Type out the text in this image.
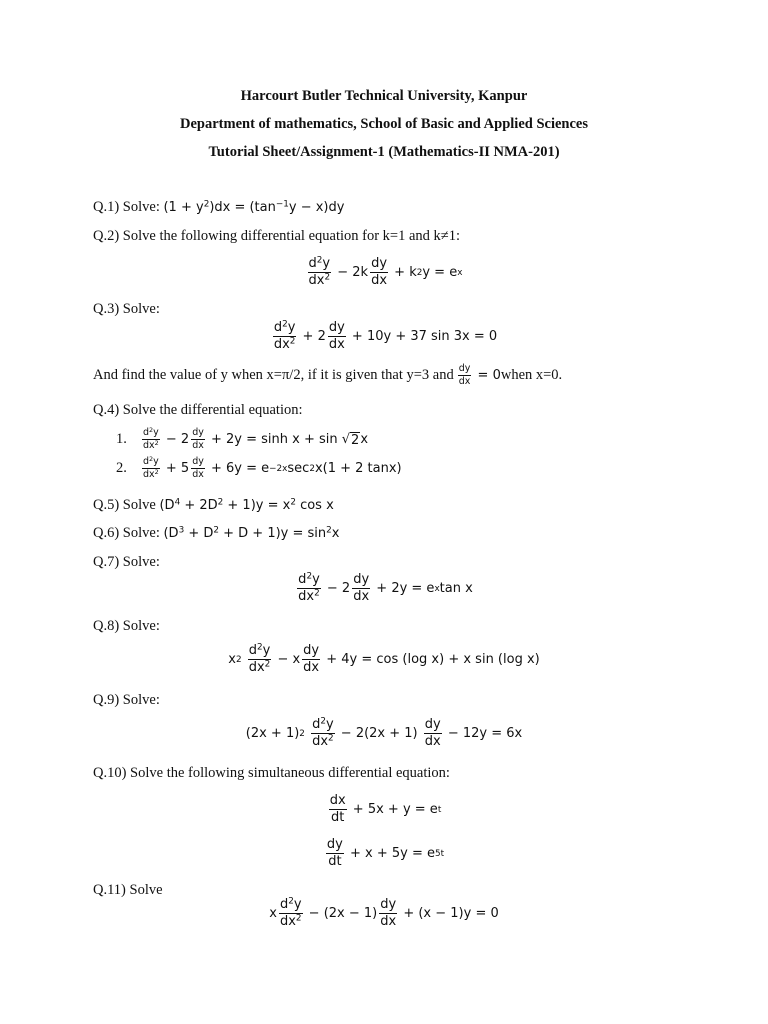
Harcourt Butler Technical University, Kanpur
Department of mathematics, School of Basic and Applied Sciences
Tutorial Sheet/Assignment-1 (Mathematics-II NMA-201)
Q.1) Solve: $(1 + y^2)dx = (\tan^{-1}y - x)dy$
Q.2) Solve the following differential equation for k=1 and k≠1:
$\frac{d^2y}{dx^2} - 2k \frac{dy}{dx} + k$ 2 y = e x
Q.3) Solve:
$\frac{d^2y}{dx^2} + 2 \frac{dy}{dx} + 10y + 37$ sin 3x = 0
And find the value of y when x=π/2, if it is given that y=3 and $\frac{dy}{dx} = 0$ when x=0.
Q.4) Solve the differential equation:
1.	$\frac{d^2y}{dx^2} - 2 \frac{dy}{dx} + 2y = \sinh x + \sin$ √ 2 x
2.	$\frac{d^2y}{dx^2} + 5 \frac{dy}{dx} + 6y = e -2x$ sec 2 x(1 + 2 tanx)
Q.5) Solve $(D^4 + 2D^2 + 1)y = x^2$ cos x
Q.6) Solve: $(D^3 + D^2 + D + 1)y = \sin^2x$
Q.7) Solve:
$\frac{d^2y}{dx^2} - 2 \frac{dy}{dx} + 2y = e$ x tan x
Q.8) Solve:
x 2
$\frac{d^2y}{dx^2} - x \frac{dy}{dx} + 4y = \cos (\log$ x) + x sin (log x)
Q.9) Solve:
(2x + 1) 2
$\frac{d^2y}{dx^2} - 2(2x + 1) \frac{dy}{dx} - 12y = 6x$
Q.10) Solve the following simultaneous differential equation:
$\frac{dx}{dt} + 5x + y = e$ t
$\frac{dy}{dt} + x + 5y = e$ 5t
Q.11) Solve
x $\frac{d^2y}{dx^2} - (2x - 1) \frac{dy}{dx} + (x - 1)y = 0$
